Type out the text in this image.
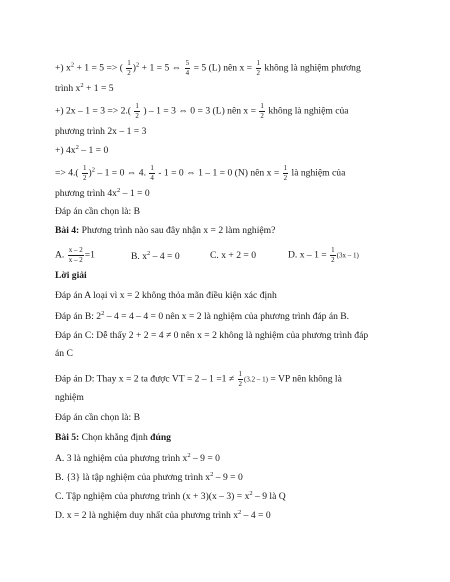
+) $x^2 + 1 = 5$ => ( $\frac{1}{2} )^2 + 1 = 5$ ⇔ $\frac{5}{4} = 5$ (L) nên $x = \frac{1}{2}$ không là nghiệm phương
trình $x^2 + 1 = 5$
+) $2x - 1 = 3 => 2.( \frac{1}{2}$ ) – 1 = 3 ⇔ 0 = 3 (L) nên $x = \frac{1}{2}$ không là nghiệm của
phương trình 2x – 1 = 3
+) $4x^2 - 1 = 0$
=> $4.( \frac{1}{2} )^2 - 1 = 0$ ⇔ 4. $\frac{1}{4} - 1 = 0$ ⇔ 1 – 1 = 0 (N) nên $x = \frac{1}{2}$ là nghiệm của
phương trình $4x^2 - 1 = 0$
Đáp án cần chọn là: B
Bài 4: Phương trình nào sau đây nhận x = 2 làm nghiệm?
A. $\frac{x - 2}{x - 2} =1$	B. $x^2 - 4 = 0$	C. x + 2 = 0	D. $x - 1 = \frac{1}{2} (3x - 1)$
Lời giải
Đáp án A loại vì x = 2 không thỏa mãn điều kiện xác định
Đáp án B: $2^2 - 4 = 4 - 4 = 0$ nên x = 2 là nghiệm của phương trình đáp án B.
Đáp án C: Dễ thấy 2 + 2 = 4 ≠ 0 nên x = 2 không là nghiệm của phương trình đáp
án C
Đáp án D: Thay x = 2 ta được VT = $2 - 1 =1 \ne \frac{1}{2} (3.2 - 1)$ = VP nên không là
nghiệm
Đáp án cần chọn là: B
Bài 5: Chọn khẳng định đúng
A. 3 là nghiệm của phương trình $x^2 - 9 = 0$
B. {3} là tập nghiệm của phương trình $x^2 - 9 = 0$
C. Tập nghiệm của phương trình $(x + 3)(x - 3) = x^2 - 9$ là Q
D. x = 2 là nghiệm duy nhất của phương trình $x^2 - 4 = 0$
